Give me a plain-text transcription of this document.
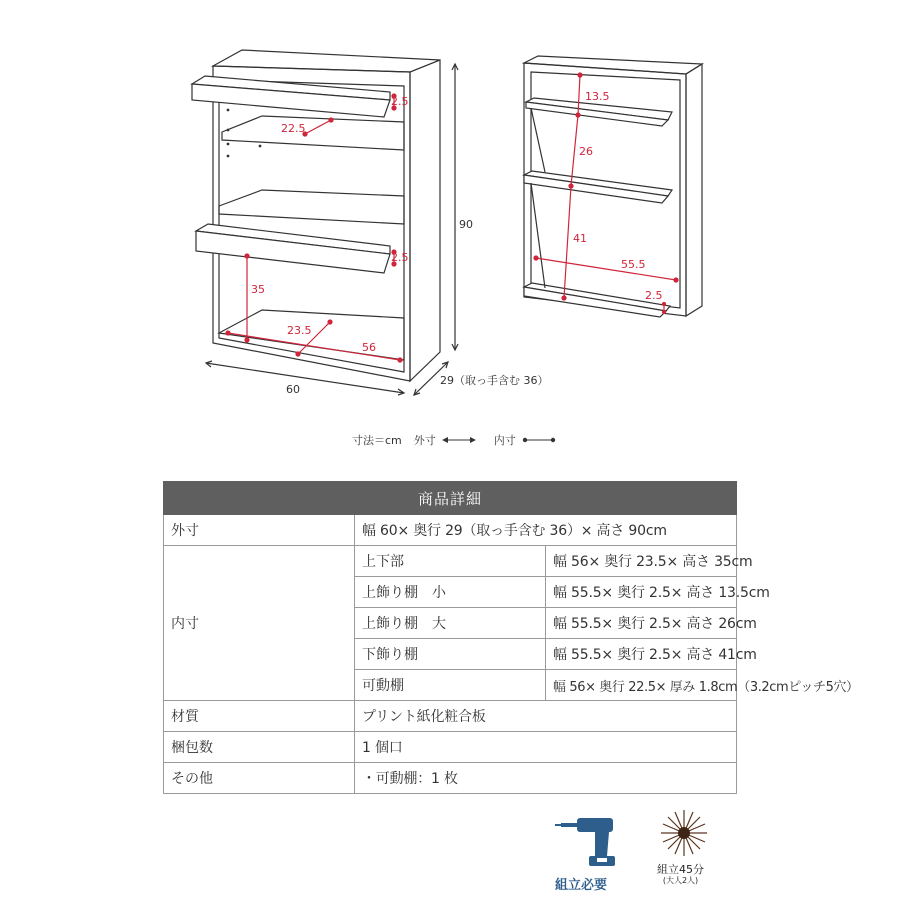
90
60
29（取っ手含む 36）
2.5
22.5
2.5
35
23.5
56
13.5
26
41
55.5
2.5
寸法＝cm 外寸	内寸
商品詳細		
外寸	幅 60× 奥行 29（取っ手含む 36）× 高さ 90cm	
内寸	上下部	幅 56× 奥行 23.5× 高さ 35cm
	上飾り棚　小	幅 55.5× 奥行 2.5× 高さ 13.5cm
	上飾り棚　大	幅 55.5× 奥行 2.5× 高さ 26cm
	下飾り棚	幅 55.5× 奥行 2.5× 高さ 41cm
	可動棚	幅 56× 奥行 22.5× 厚み 1.8cm（3.2cmピッチ5穴）
材質	プリント紙化粧合板	
梱包数	1 個口	
その他	・可動棚：1 枚	
組立必要
組立45分
(大人2人)
